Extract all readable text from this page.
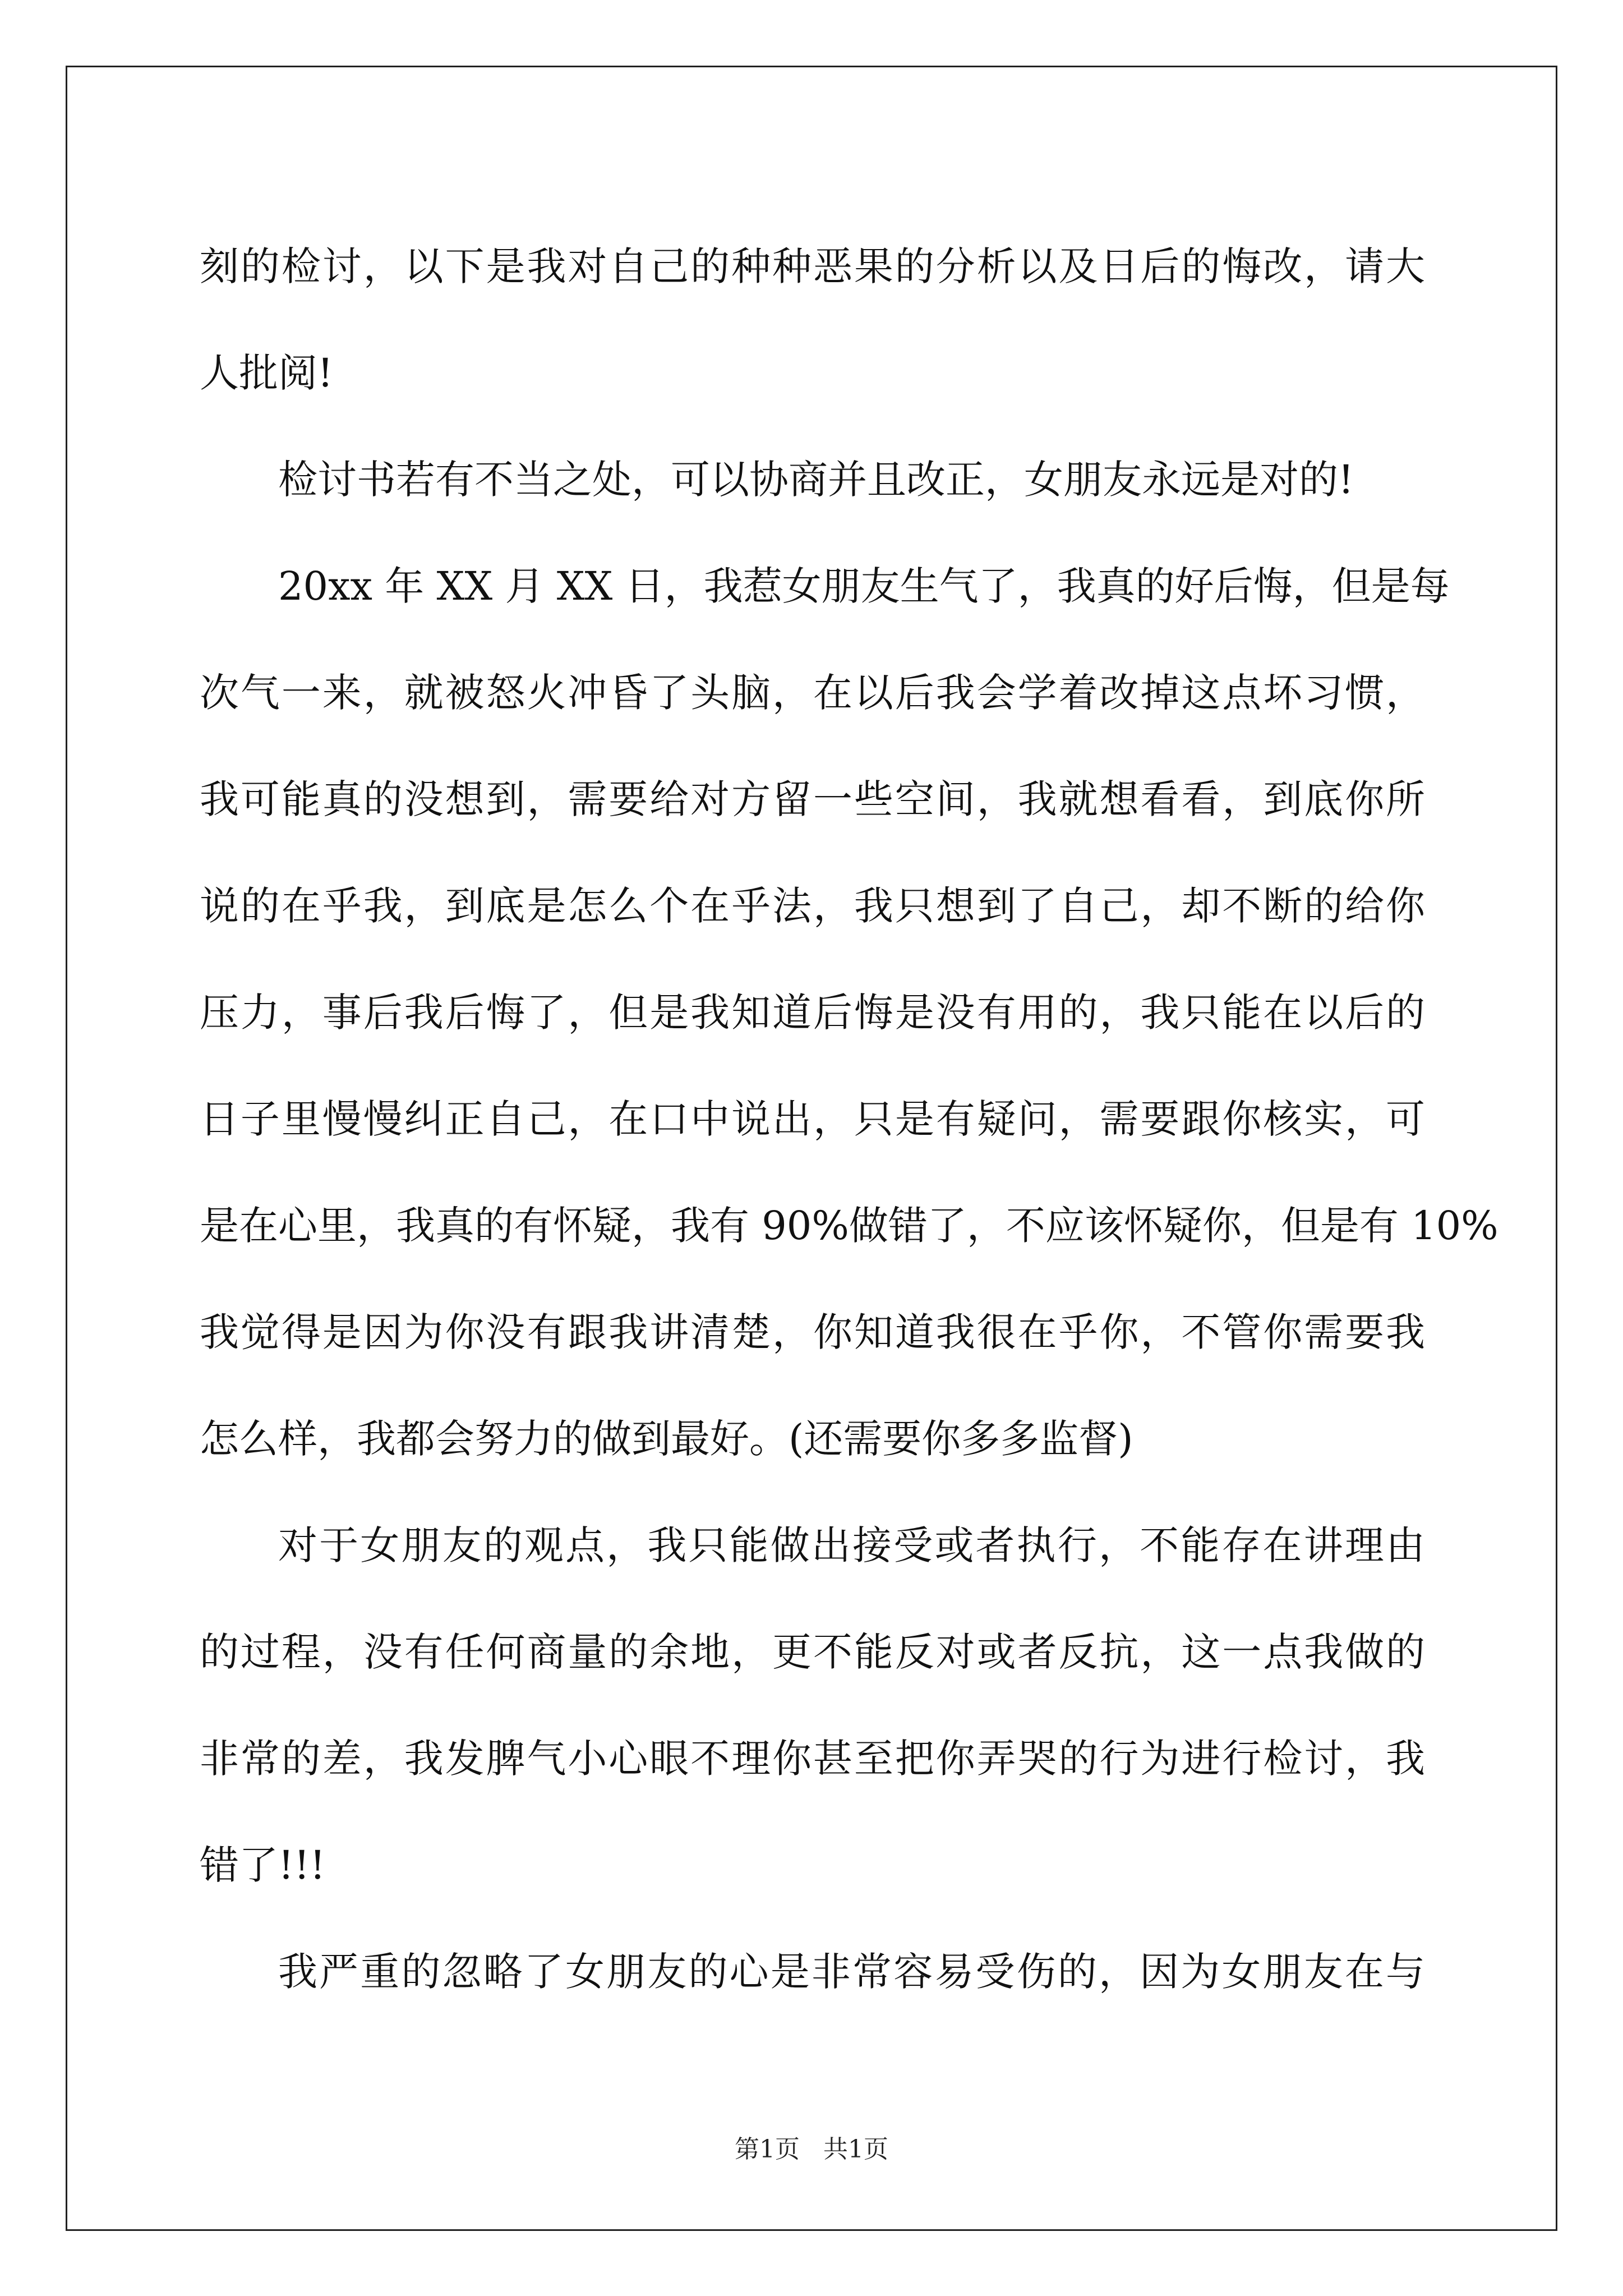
刻的检讨，以下是我对自己的种种恶果的分析以及日后的悔改，请大
人批阅!
检讨书若有不当之处，可以协商并且改正，女朋友永远是对的!
20xx 年 XX 月 XX 日，我惹女朋友生气了，我真的好后悔，但是每
次气一来，就被怒火冲昏了头脑，在以后我会学着改掉这点坏习惯，
我可能真的没想到，需要给对方留一些空间，我就想看看，到底你所
说的在乎我，到底是怎么个在乎法，我只想到了自己，却不断的给你
压力，事后我后悔了，但是我知道后悔是没有用的，我只能在以后的
日子里慢慢纠正自己，在口中说出，只是有疑问，需要跟你核实，可
是在心里，我真的有怀疑，我有 90%做错了，不应该怀疑你，但是有 10%
我觉得是因为你没有跟我讲清楚，你知道我很在乎你，不管你需要我
怎么样，我都会努力的做到最好。(还需要你多多监督)
对于女朋友的观点，我只能做出接受或者执行，不能存在讲理由
的过程，没有任何商量的余地，更不能反对或者反抗，这一点我做的
非常的差，我发脾气小心眼不理你甚至把你弄哭的行为进行检讨，我
错了!!!
我严重的忽略了女朋友的心是非常容易受伤的，因为女朋友在与
第1页   共1页
